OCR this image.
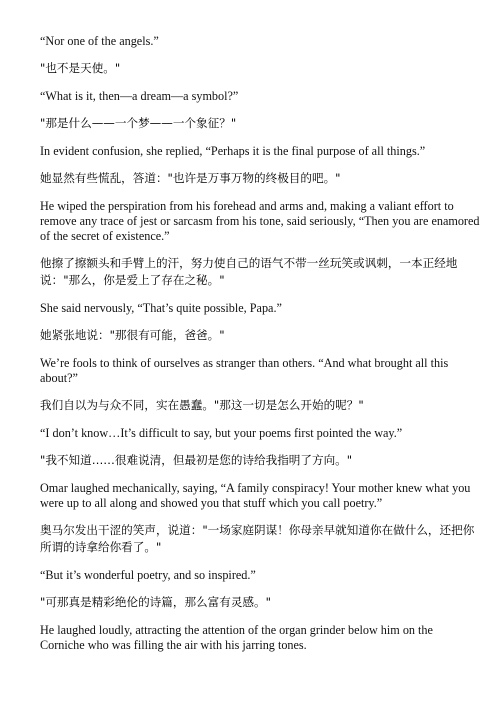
“Nor one of the angels.”

"也不是天使。"

“What is it, then—a dream—a symbol?”

"那是什么——一个梦——一个象征？"

In evident confusion, she replied, “Perhaps it is the final purpose of all things.”

她显然有些慌乱，答道："也许是万事万物的终极目的吧。"

He wiped the perspiration from his forehead and arms and, making a valiant effort to remove any trace of jest or sarcasm from his tone, said seriously, “Then you are enamored of the secret of existence.”

他擦了擦额头和手臂上的汗，努力使自己的语气不带一丝玩笑或讽刺，一本正经地说："那么，你是爱上了存在之秘。"

She said nervously, “That’s quite possible, Papa.”

她紧张地说："那很有可能，爸爸。"

We’re fools to think of ourselves as stranger than others. “And what brought all this about?”

我们自以为与众不同，实在愚蠢。"那这一切是怎么开始的呢？"

“I don’t know…It’s difficult to say, but your poems first pointed the way.”

"我不知道……很难说清，但最初是您的诗给我指明了方向。"

Omar laughed mechanically, saying, “A family conspiracy! Your mother knew what you were up to all along and showed you that stuff which you call poetry.”

奥马尔发出干涩的笑声，说道："一场家庭阴谋！你母亲早就知道你在做什么，还把你所谓的诗拿给你看了。"

“But it’s wonderful poetry, and so inspired.”

"可那真是精彩绝伦的诗篇，那么富有灵感。"

He laughed loudly, attracting the attention of the organ grinder below him on the Corniche who was filling the air with his jarring tones.
